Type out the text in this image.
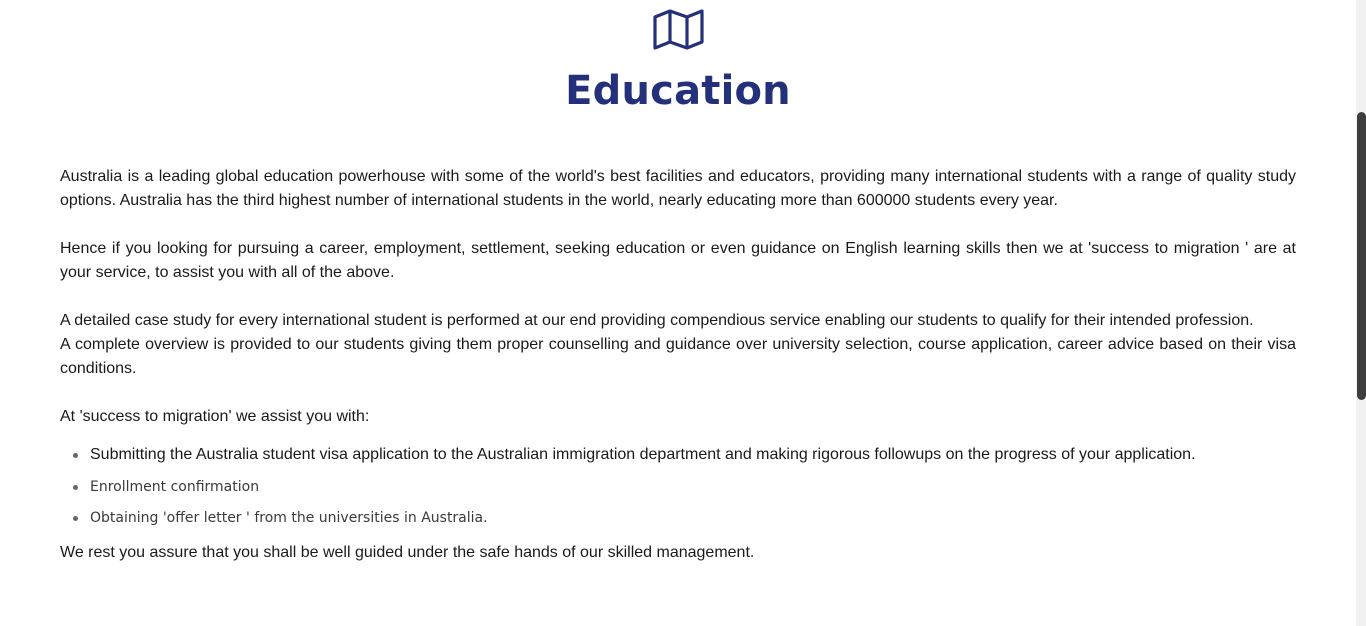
Education

Australia is a leading global education powerhouse with some of the world's best facilities and educators, providing many international students with a range of quality study options. Australia has the third highest number of international students in the world, nearly educating more than 600000 students every year.

Hence if you looking for pursuing a career, employment, settlement, seeking education or even guidance on English learning skills then we at 'success to migration ' are at your service, to assist you with all of the above.

A detailed case study for every international student is performed at our end providing compendious service enabling our students to qualify for their intended profession.

A complete overview is provided to our students giving them proper counselling and guidance over university selection, course application, career advice based on their visa conditions.

At 'success to migration' we assist you with:

Submitting the Australia student visa application to the Australian immigration department and making rigorous followups on the progress of your application.
Enrollment confirmation
Obtaining 'offer letter ' from the universities in Australia.

We rest you assure that you shall be well guided under the safe hands of our skilled management.
